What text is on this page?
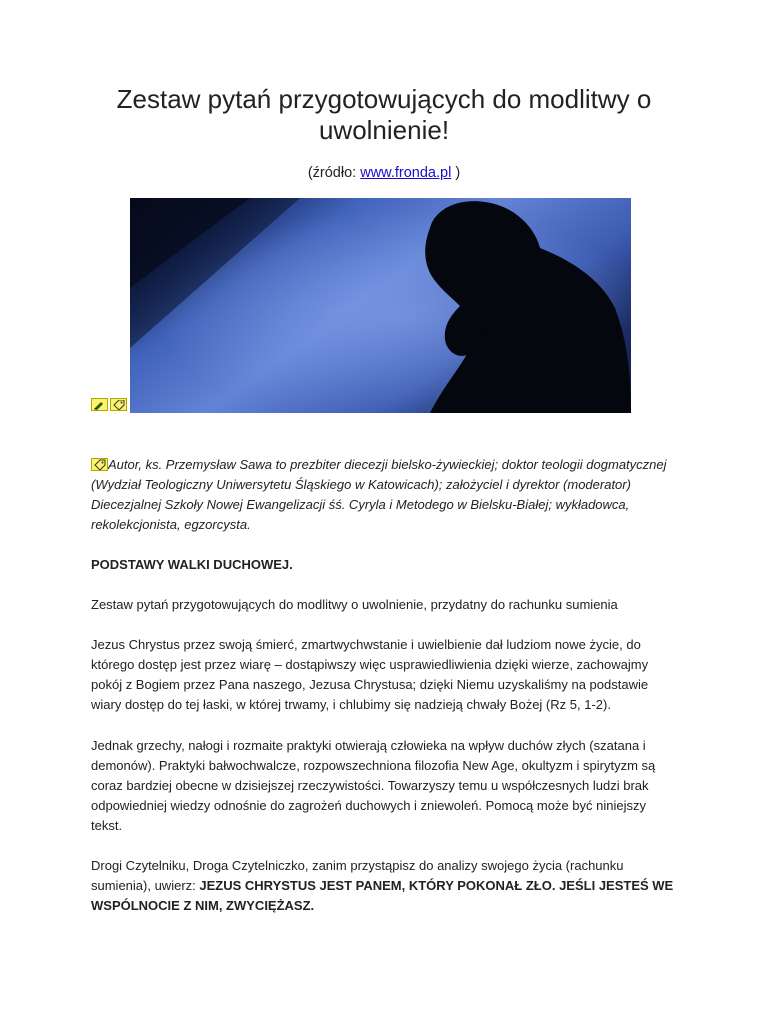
Zestaw pytań przygotowujących do modlitwy o uwolnienie!
(źródło: www.fronda.pl )
Autor, ks. Przemysław Sawa to prezbiter diecezji bielsko-żywieckiej; doktor teologii dogmatycznej (Wydział Teologiczny Uniwersytetu Śląskiego w Katowicach); założyciel i dyrektor (moderator) Diecezjalnej Szkoły Nowej Ewangelizacji śś. Cyryla i Metodego w Bielsku-Białej; wykładowca, rekolekcjonista, egzorcysta.

PODSTAWY WALKI DUCHOWEJ.

Zestaw pytań przygotowujących do modlitwy o uwolnienie, przydatny do rachunku sumienia

Jezus Chrystus przez swoją śmierć, zmartwychwstanie i uwielbienie dał ludziom nowe życie, do którego dostęp jest przez wiarę – dostąpiwszy więc usprawiedliwienia dzięki wierze, zachowajmy pokój z Bogiem przez Pana naszego, Jezusa Chrystusa; dzięki Niemu uzyskaliśmy na podstawie wiary dostęp do tej łaski, w której trwamy, i chlubimy się nadzieją chwały Bożej (Rz 5, 1-2).

Jednak grzechy, nałogi i rozmaite praktyki otwierają człowieka na wpływ duchów złych (szatana i demonów). Praktyki bałwochwalcze, rozpowszechniona filozofia New Age, okultyzm i spirytyzm są coraz bardziej obecne w dzisiejszej rzeczywistości. Towarzyszy temu u współczesnych ludzi brak odpowiedniej wiedzy odnośnie do zagrożeń duchowych i zniewoleń. Pomocą może być niniejszy tekst.

Drogi Czytelniku, Droga Czytelniczko, zanim przystąpisz do analizy swojego życia (rachunku sumienia), uwierz: JEZUS CHRYSTUS JEST PANEM, KTÓRY POKONAŁ ZŁO. JEŚLI JESTEŚ WE WSPÓLNOCIE Z NIM, ZWYCIĘŻASZ.
